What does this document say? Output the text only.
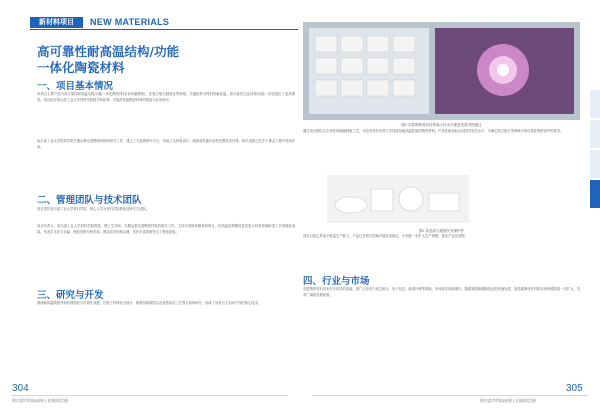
新材料项目	NEW MATERIALS
高可靠性耐高温结构/功能
一体化陶瓷材料
一、项目基本情况
本项目主要产品为高可靠性耐高温结构/功能一体化陶瓷材料(非织碳增韧)，在航空航天制造业等领域，关键部件对材料的耐高温、高可靠性以及结构/功能一体化提出了更高要求。项目依托哈尔滨工业大学材料学院的学科优势，开展高性能陶瓷材料的制备与应用研究。
哈尔滨工业大学材料学院长期从事先进陶瓷材料的研究工作，建立了完善的研究平台，形成了从材料设计、制备到性能评价的完整技术体系，相关成果已在多个重点工程中得到应用。
二、管理团队与技术团队
项目依托哈尔滨工业大学材料学院，核心人员为材料学院教授及研究生团队。
项目负责人：哈尔滨工业大学材料学院教授、博士生导师，长期从事先进陶瓷材料的研究工作，主持多项国家级科研项目，在高温结构陶瓷及其复合材料领域取得了多项创新成果，发表学术论文多篇，授权发明专利多项。团队成员结构合理，具有丰富的研发与工程化经验。
三、研究与开发
围绕耐高温陶瓷材料的强韧化与可靠性问题，开展了材料组分设计、微观结构调控以及成型烧结工艺等方面的研究，形成了具有自主知识产权的核心技术。
图1 试样陶瓷材料经等离子体多次重复热震考核通过
通过项目团队自主研发的熔融制备工艺，可获得具有优异力学性能及耐高温性能的陶瓷材料，产品性能指标达到国内领先水平，可满足航空航天等领域对高可靠性陶瓷部件的需求。
图2 高品质与超强失效保护件
项目目前已具备小批量生产能力，产品已在相关领域开展应用验证，计划进一步扩大生产规模，推动产业化进程。
四、行业与市场
先进陶瓷材料具有许多优异的性能，被广泛应用于航空航天、电子信息、能源环保等领域，市场需求持续增长。随着我国高端制造业的快速发展，高性能陶瓷材料的市场规模将进一步扩大，具有广阔的发展前景。
304	305
哈尔滨市科技成果 | 招商项目册	哈尔滨市科技成果 | 招商项目册
